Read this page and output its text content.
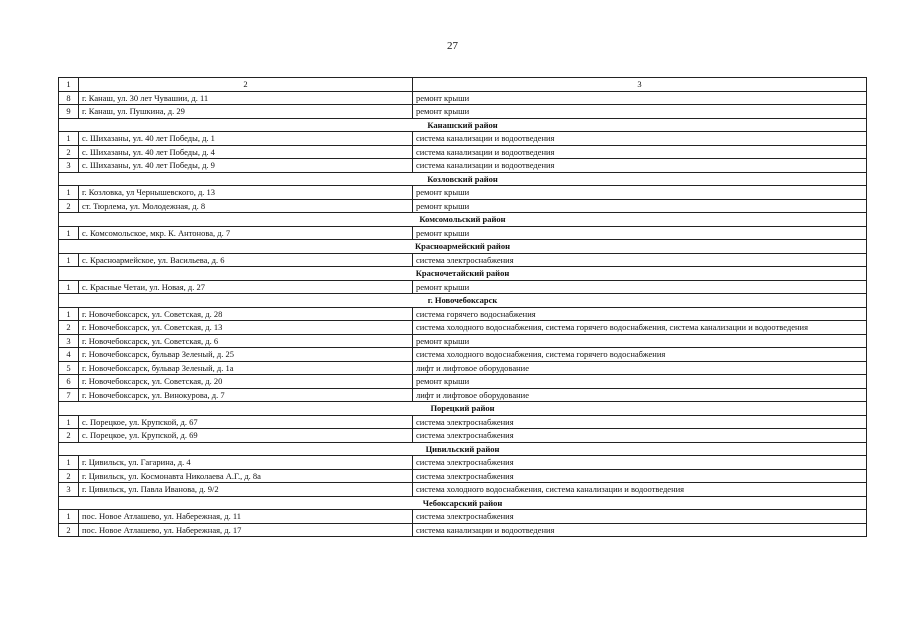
27
1	2	3
8	г. Канаш, ул. 30 лет Чувашии, д. 11	ремонт крыши
9	г. Канаш, ул. Пушкина, д. 29	ремонт крыши
Канашский район		
1	с. Шихазаны, ул. 40 лет Победы, д. 1	система канализации и водоотведения
2	с. Шихазаны, ул. 40 лет Победы, д. 4	система канализации и водоотведения
3	с. Шихазаны, ул. 40 лет Победы, д. 9	система канализации и водоотведения
Козловский район		
1	г. Козловка, ул Чернышевского, д. 13	ремонт крыши
2	ст. Тюрлема, ул. Молодежная, д. 8	ремонт крыши
Комсомольский район		
1	с. Комсомольское, мкр. К. Антонова, д. 7	ремонт крыши
Красноармейский район		
1	с. Красноармейское, ул. Васильева, д. 6	система электроснабжения
Красночетайский район		
1	с. Красные Четаи, ул. Новая, д. 27	ремонт крыши
г. Новочебоксарск		
1	г. Новочебоксарск, ул. Советская, д. 28	система горячего водоснабжения
2	г. Новочебоксарск, ул. Советская, д. 13	система холодного водоснабжения, система горячего водоснабжения, система канализации и водоотведения
3	г. Новочебоксарск, ул. Советская, д. 6	ремонт крыши
4	г. Новочебоксарск, бульвар Зеленый, д. 25	система холодного водоснабжения, система горячего водоснабжения
5	г. Новочебоксарск, бульвар Зеленый, д. 1а	лифт и лифтовое оборудование
6	г. Новочебоксарск, ул. Советская, д. 20	ремонт крыши
7	г. Новочебоксарск, ул. Винокурова, д. 7	лифт и лифтовое оборудование
Порецкий район		
1	с. Порецкое, ул. Крупской, д. 67	система электроснабжения
2	с. Порецкое, ул. Крупской, д. 69	система электроснабжения
Цивильский район		
1	г. Цивильск, ул. Гагарина, д. 4	система электроснабжения
2	г. Цивильск, ул. Космонавта Николаева А.Г., д. 8а	система электроснабжения
3	г. Цивильск, ул. Павла Иванова, д. 9/2	система холодного водоснабжения, система канализации и водоотведения
Чебоксарский район		
1	пос. Новое Атлашево, ул. Набережная, д. 11	система электроснабжения
2	пос. Новое Атлашево, ул. Набережная, д. 17	система канализации и водоотведения
